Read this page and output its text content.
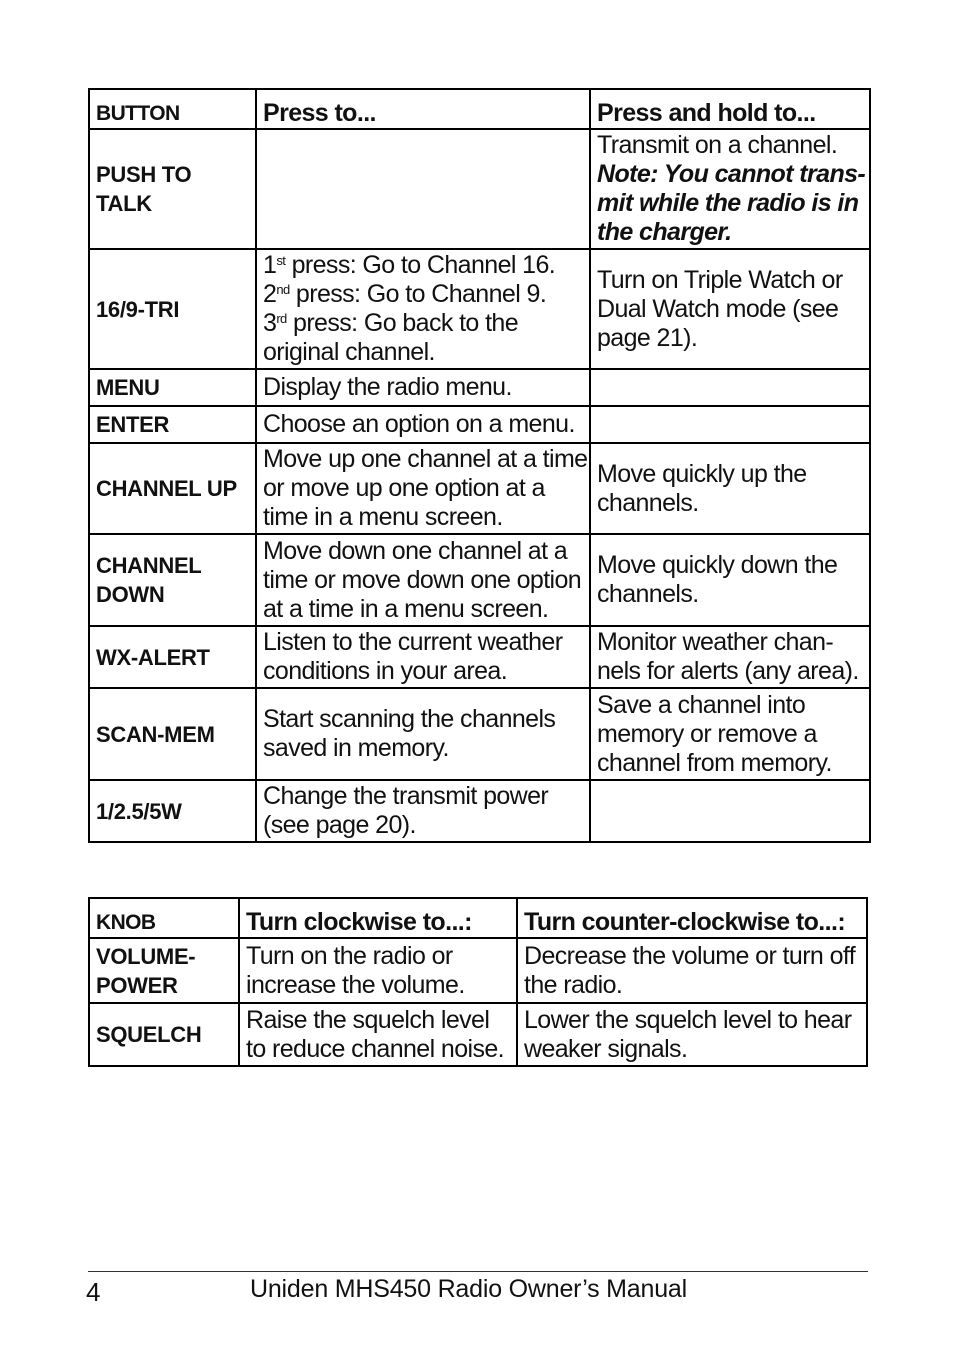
BUTTON	Press to...	Press and hold to...
PUSH TO TALK		Transmit on a channel.
Note: You cannot trans-
mit while the radio is in
the charger.

16/9-TRI	1st press: Go to Channel 16.
2nd press: Go to Channel 9.
3rd press: Go back to the
original channel.	Turn on Triple Watch or
Dual Watch mode (see
page 21).

MENU	Display the radio menu.	

ENTER	Choose an option on a menu.	

CHANNEL UP	Move up one channel at a time
or move up one option at a
time in a menu screen.	Move quickly up the
channels.

CHANNEL
DOWN	Move down one channel at a
time or move down one option
at a time in a menu screen.	Move quickly down the
channels.

WX-ALERT	Listen to the current weather
conditions in your area.	Monitor weather chan-
nels for alerts (any area).

SCAN-MEM	Start scanning the channels
saved in memory.	Save a channel into
memory or remove a
channel from memory.

1/2.5/5W	Change the transmit power
(see page 20).	

KNOB	Turn clockwise to...:	Turn counter-clockwise to...:

VOLUME-
POWER	Turn on the radio or
increase the volume.	Decrease the volume or turn off
the radio.

SQUELCH	Raise the squelch level
to reduce channel noise.	Lower the squelch level to hear
weaker signals.
4	Uniden MHS450 Radio Owner’s Manual
